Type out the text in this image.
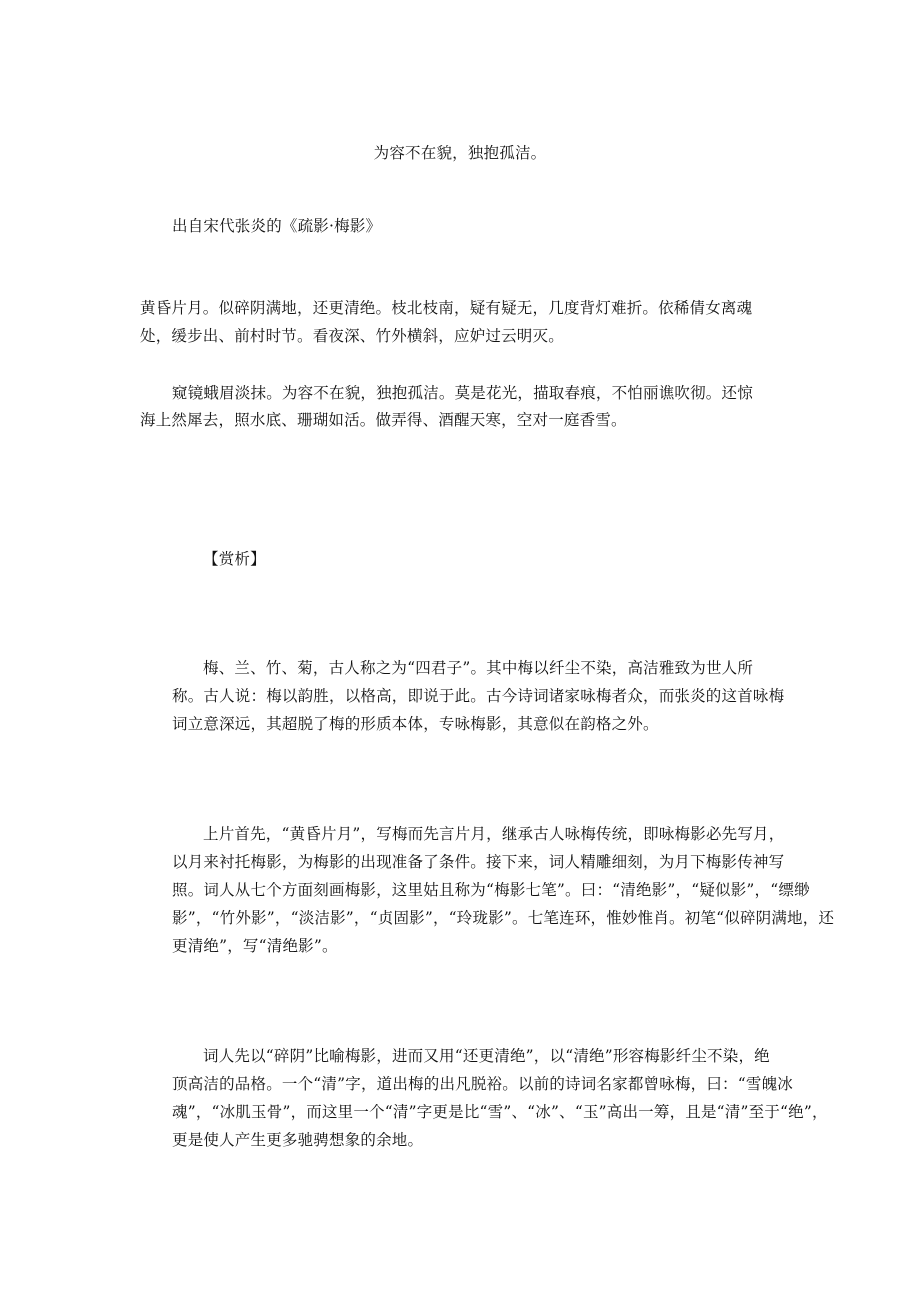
为容不在貌，独抱孤洁。
出自宋代张炎的《疏影·梅影》
黄昏片月。似碎阴满地，还更清绝。枝北枝南，疑有疑无，几度背灯难折。依稀倩女离魂
处，缓步出、前村时节。看夜深、竹外横斜，应妒过云明灭。
窥镜蛾眉淡抹。为容不在貌，独抱孤洁。莫是花光，描取春痕，不怕丽谯吹彻。还惊
海上然犀去，照水底、珊瑚如活。做弄得、酒醒天寒，空对一庭香雪。
【赏析】
梅、兰、竹、菊，古人称之为“四君子”。其中梅以纤尘不染，高洁雅致为世人所
称。古人说：梅以韵胜，以格高，即说于此。古今诗词诸家咏梅者众，而张炎的这首咏梅
词立意深远，其超脱了梅的形质本体，专咏梅影，其意似在韵格之外。
上片首先，“黄昏片月”，写梅而先言片月，继承古人咏梅传统，即咏梅影必先写月，
以月来衬托梅影，为梅影的出现准备了条件。接下来，词人精雕细刻，为月下梅影传神写
照。词人从七个方面刻画梅影，这里姑且称为“梅影七笔”。曰：“清绝影”，“疑似影”，“缥缈
影”，“竹外影”，“淡洁影”，“贞固影”，“玲珑影”。七笔连环，惟妙惟肖。初笔“似碎阴满地，还
更清绝”，写“清绝影”。
词人先以“碎阴”比喻梅影，进而又用“还更清绝”，以“清绝”形容梅影纤尘不染，绝
顶高洁的品格。一个“清”字，道出梅的出凡脱裕。以前的诗词名家都曾咏梅，曰：“雪魄冰
魂”，“冰肌玉骨”，而这里一个“清”字更是比“雪”、“冰”、“玉”高出一筹，且是“清”至于“绝”，
更是使人产生更多驰骋想象的余地。
